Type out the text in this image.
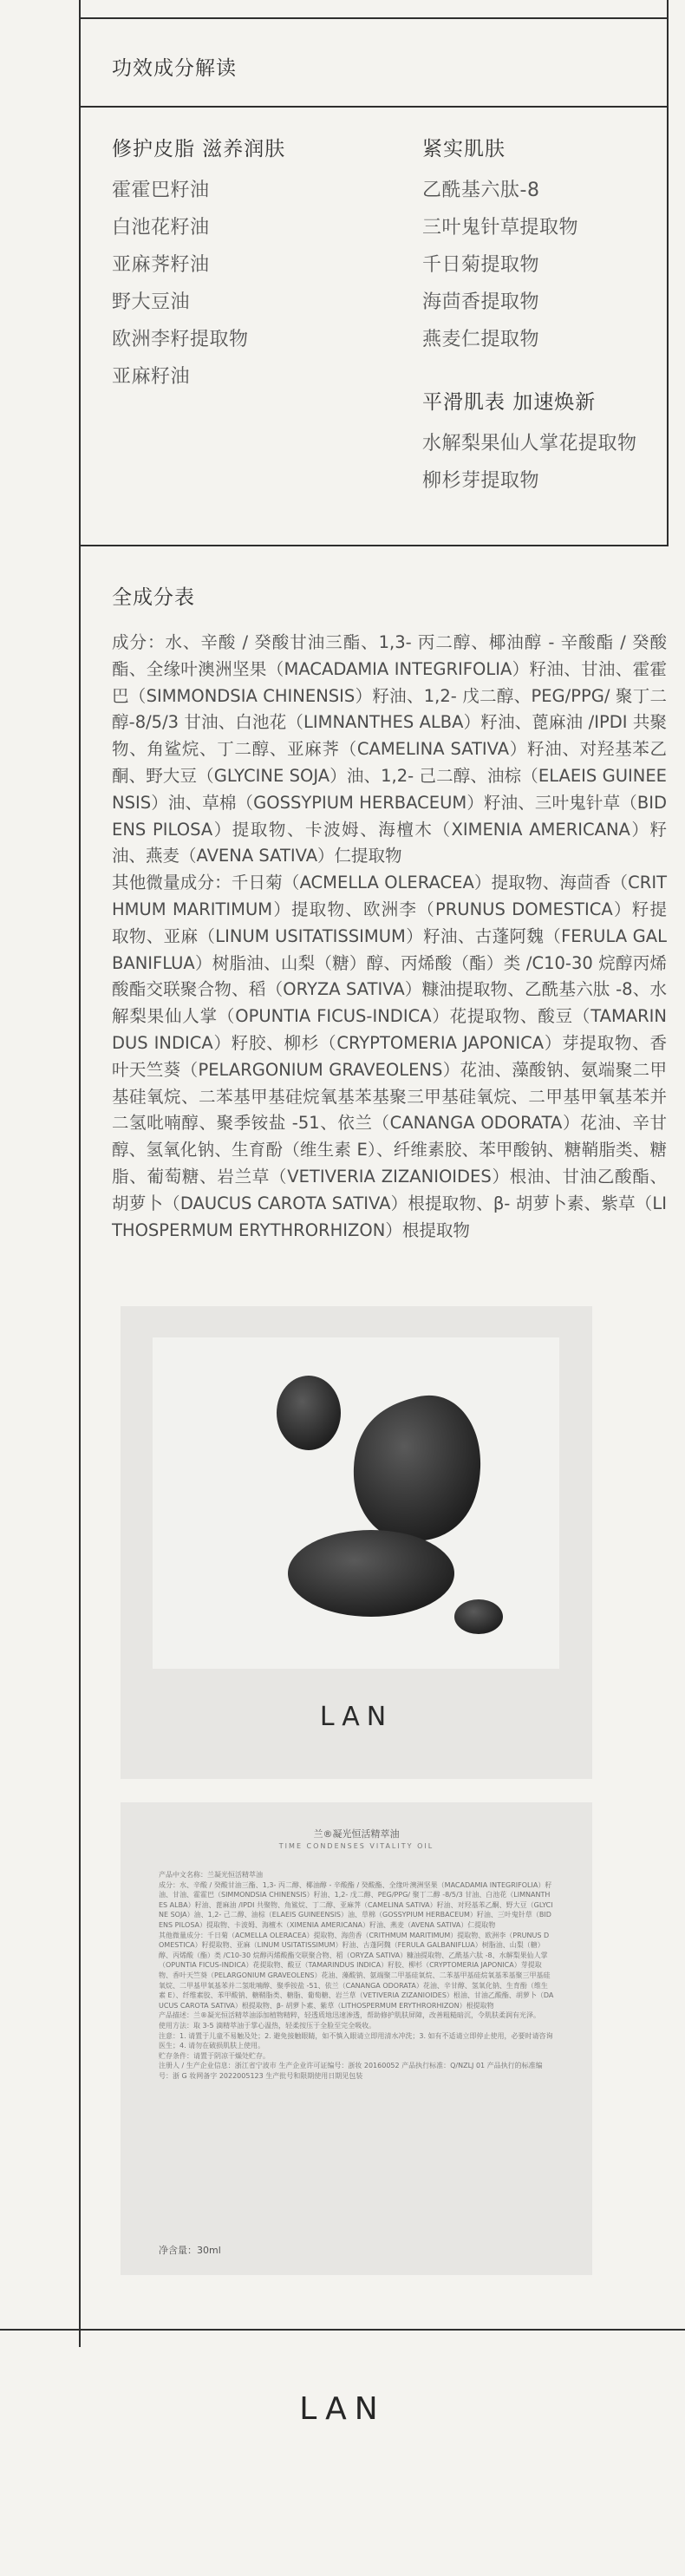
功效成分解读
修护皮脂 滋养润肤
霍霍巴籽油
白池花籽油
亚麻荠籽油
野大豆油
欧洲李籽提取物
亚麻籽油
紧实肌肤
乙酰基六肽-8
三叶鬼针草提取物
千日菊提取物
海茴香提取物
燕麦仁提取物
平滑肌表 加速焕新
水解梨果仙人掌花提取物
柳杉芽提取物
全成分表

成分：水、辛酸 / 癸酸甘油三酯、1,3- 丙二醇、椰油醇 - 辛酸酯 / 癸酸酯、全缘叶澳洲坚果（MACADAMIA INTEGRIFOLIA）籽油、甘油、霍霍巴（SIMMONDSIA CHINENSIS）籽油、1,2- 戊二醇、PEG/PPG/ 聚丁二醇-8/5/3 甘油、白池花（LIMNANTHES ALBA）籽油、蓖麻油 /IPDI 共聚物、角鲨烷、丁二醇、亚麻荠（CAMELINA SATIVA）籽油、对羟基苯乙酮、野大豆（GLYCINE SOJA）油、1,2- 己二醇、油棕（ELAEIS GUINEENSIS）油、草棉（GOSSYPIUM HERBACEUM）籽油、三叶鬼针草（BIDENS PILOSA）提取物、卡波姆、海檀木（XIMENIA AMERICANA）籽油、燕麦（AVENA SATIVA）仁提取物

其他微量成分：千日菊（ACMELLA OLERACEA）提取物、海茴香（CRITHMUM MARITIMUM）提取物、欧洲李（PRUNUS DOMESTICA）籽提取物、亚麻（LINUM USITATISSIMUM）籽油、古蓬阿魏（FERULA GALBANIFLUA）树脂油、山梨（糖）醇、丙烯酸（酯）类 /C10-30 烷醇丙烯酸酯交联聚合物、稻（ORYZA SATIVA）糠油提取物、乙酰基六肽 -8、水解梨果仙人掌（OPUNTIA FICUS-INDICA）花提取物、酸豆（TAMARINDUS INDICA）籽胶、柳杉（CRYPTOMERIA JAPONICA）芽提取物、香叶天竺葵（PELARGONIUM GRAVEOLENS）花油、藻酸钠、氨端聚二甲基硅氧烷、二苯基甲基硅烷氧基苯基聚三甲基硅氧烷、二甲基甲氧基苯并二氢吡喃醇、聚季铵盐 -51、依兰（CANANGA ODORATA）花油、辛甘醇、氢氧化钠、生育酚（维生素 E）、纤维素胶、苯甲酸钠、糖鞘脂类、糖脂、葡萄糖、岩兰草（VETIVERIA ZIZANIOIDES）根油、甘油乙酸酯、胡萝卜（DAUCUS CAROTA SATIVA）根提取物、β- 胡萝卜素、紫草（LITHOSPERMUM ERYTHRORHIZON）根提取物

LAN
兰®凝光恒活精萃油
TIME CONDENSES VITALITY OIL

产品中文名称：兰凝光恒活精萃油

成分：水、辛酸 / 癸酸甘油三酯、1,3- 丙二醇、椰油醇 - 辛酸酯 / 癸酸酯、全缘叶澳洲坚果（MACADAMIA INTEGRIFOLIA）籽油、甘油、霍霍巴（SIMMONDSIA CHINENSIS）籽油、1,2- 戊二醇、PEG/PPG/ 聚丁二醇 -8/5/3 甘油、白池花（LIMNANTHES ALBA）籽油、蓖麻油 /IPDI 共聚物、角鲨烷、丁二醇、亚麻荠（CAMELINA SATIVA）籽油、对羟基苯乙酮、野大豆（GLYCINE SOJA）油、1,2- 己二醇、油棕（ELAEIS GUINEENSIS）油、草棉（GOSSYPIUM HERBACEUM）籽油、三叶鬼针草（BIDENS PILOSA）提取物、卡波姆、海檀木（XIMENIA AMERICANA）籽油、燕麦（AVENA SATIVA）仁提取物

其他微量成分：千日菊（ACMELLA OLERACEA）提取物、海茴香（CRITHMUM MARITIMUM）提取物、欧洲李（PRUNUS DOMESTICA）籽提取物、亚麻（LINUM USITATISSIMUM）籽油、古蓬阿魏（FERULA GALBANIFLUA）树脂油、山梨（糖）醇、丙烯酸（酯）类 /C10-30 烷醇丙烯酸酯交联聚合物、稻（ORYZA SATIVA）糠油提取物、乙酰基六肽 -8、水解梨果仙人掌（OPUNTIA FICUS-INDICA）花提取物、酸豆（TAMARINDUS INDICA）籽胶、柳杉（CRYPTOMERIA JAPONICA）芽提取物、香叶天竺葵（PELARGONIUM GRAVEOLENS）花油、藻酸钠、氨端聚二甲基硅氧烷、二苯基甲基硅烷氧基苯基聚三甲基硅氧烷、二甲基甲氧基苯并二氢吡喃醇、聚季铵盐 -51、依兰（CANANGA ODORATA）花油、辛甘醇、氢氧化钠、生育酚（维生素 E）、纤维素胶、苯甲酸钠、糖鞘脂类、糖脂、葡萄糖、岩兰草（VETIVERIA ZIZANIOIDES）根油、甘油乙酸酯、胡萝卜（DAUCUS CAROTA SATIVA）根提取物、β- 胡萝卜素、紫草（LITHOSPERMUM ERYTHRORHIZON）根提取物

产品描述：兰®凝光恒活精萃油添加植物精粹，轻透质地迅速渗透，帮助修护肌肤屏障，改善粗糙暗沉，令肌肤柔润有光泽。

使用方法：取 3-5 滴精萃油于掌心温热，轻柔按压于全脸至完全吸收。

注意：1. 请置于儿童不易触及处；2. 避免接触眼睛，如不慎入眼请立即用清水冲洗；3. 如有不适请立即停止使用，必要时请咨询医生；4. 请勿在破损肌肤上使用。

贮存条件：请置于阴凉干燥处贮存。

注册人 / 生产企业信息：浙江省宁波市 生产企业许可证编号：浙妆 20160052 产品执行标准：Q/NZLJ 01 产品执行的标准编号：浙 G 妆网备字 2022005123 生产批号和限期使用日期见包装

净含量：30ml
LAN
